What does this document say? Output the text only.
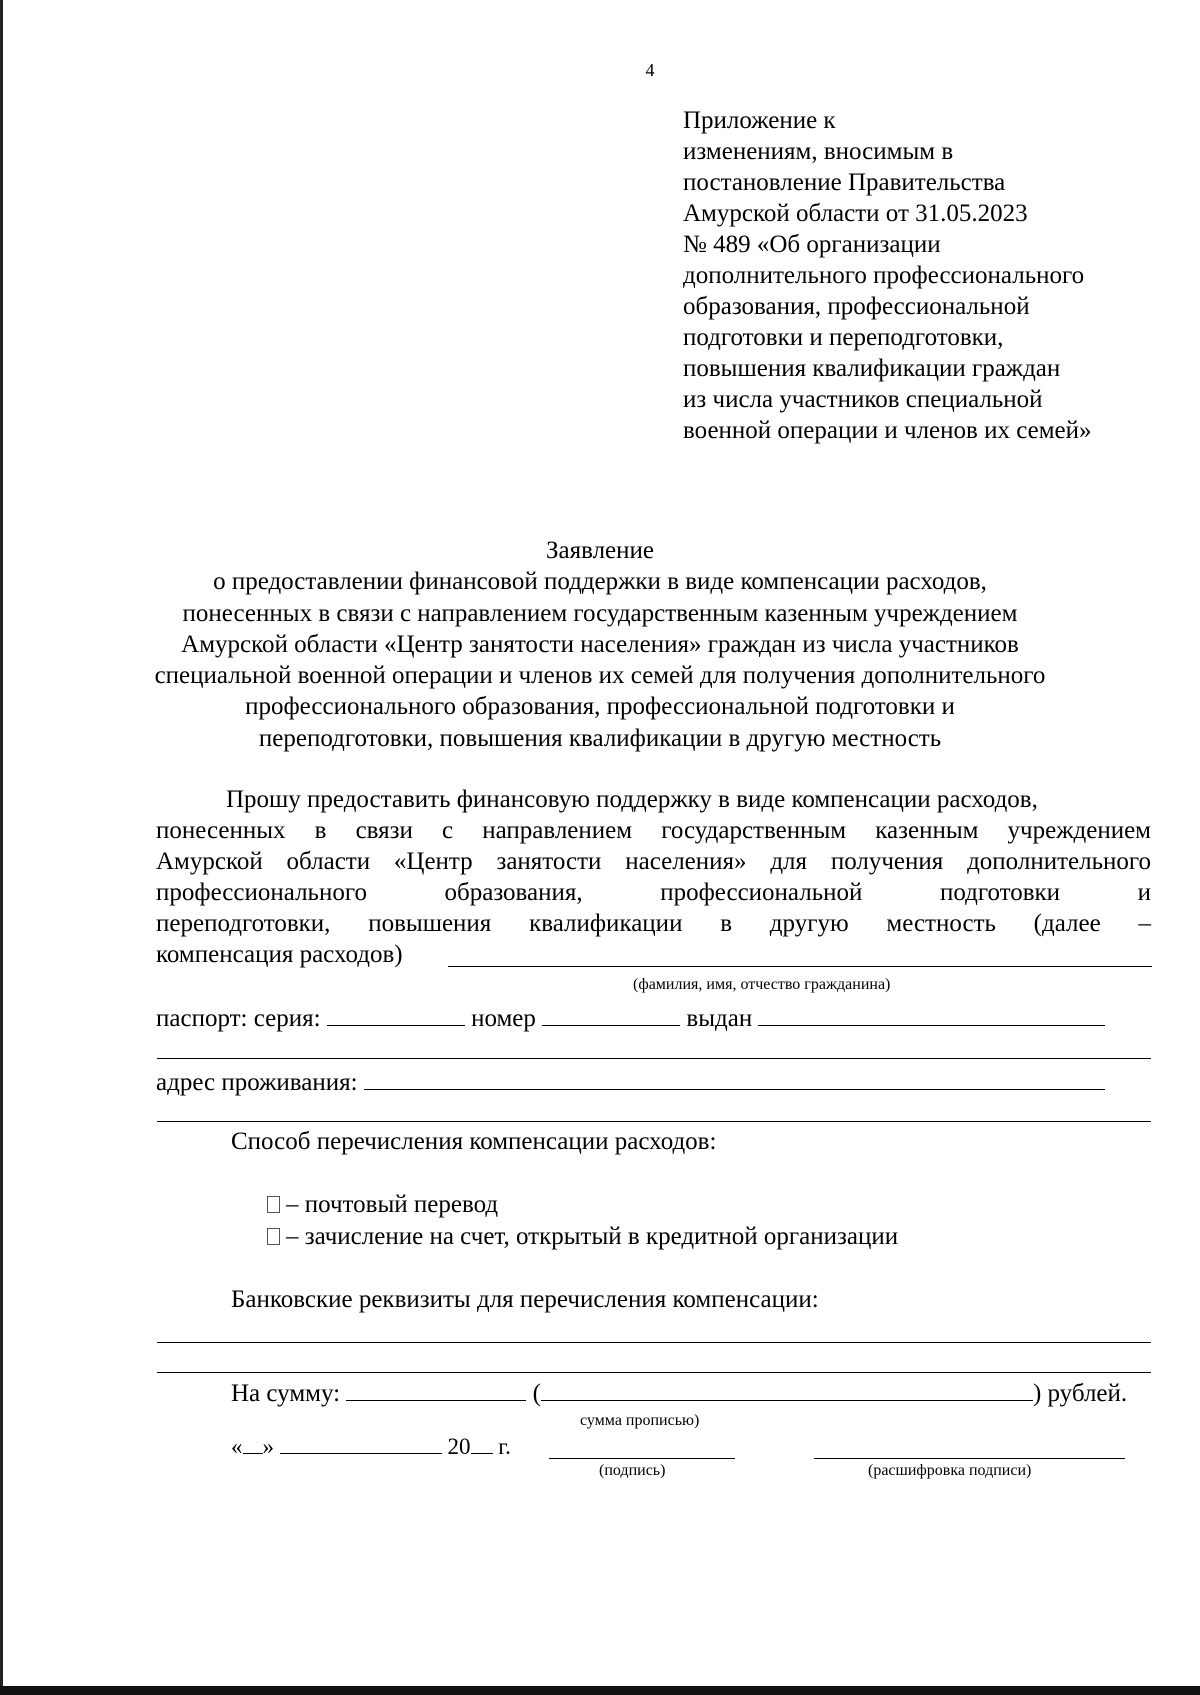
4
Приложение к
изменениям, вносимым в
постановление Правительства
Амурской области от 31.05.2023
№ 489 «Об организации
дополнительного профессионального
образования, профессиональной
подготовки и переподготовки,
повышения квалификации граждан
из числа участников специальной
военной операции и членов их семей»
Заявление
о предоставлении финансовой поддержки в виде компенсации расходов,
понесенных в связи с направлением государственным казенным учреждением
Амурской области «Центр занятости населения» граждан из числа участников
специальной военной операции и членов их семей для получения дополнительного
профессионального образования, профессиональной подготовки и
переподготовки, повышения квалификации в другую местность
Прошу предоставить финансовую поддержку в виде компенсации расходов,
понесенных в связи с направлением государственным казенным учреждением
Амурской области «Центр занятости населения» для получения дополнительного
профессионального образования, профессиональной подготовки и
переподготовки, повышения квалификации в другую местность (далее –
компенсация расходов)
(фамилия, имя, отчество гражданина)
паспорт: серия:	номер	выдан
адрес проживания:
Способ перечисления компенсации расходов:
– почтовый перевод
– зачисление на счет, открытый в кредитной организации
Банковские реквизиты для перечисления компенсации:
На сумму:	(	) рублей.
сумма прописью)
« »	20 г.
(подпись)	(расшифровка подписи)
